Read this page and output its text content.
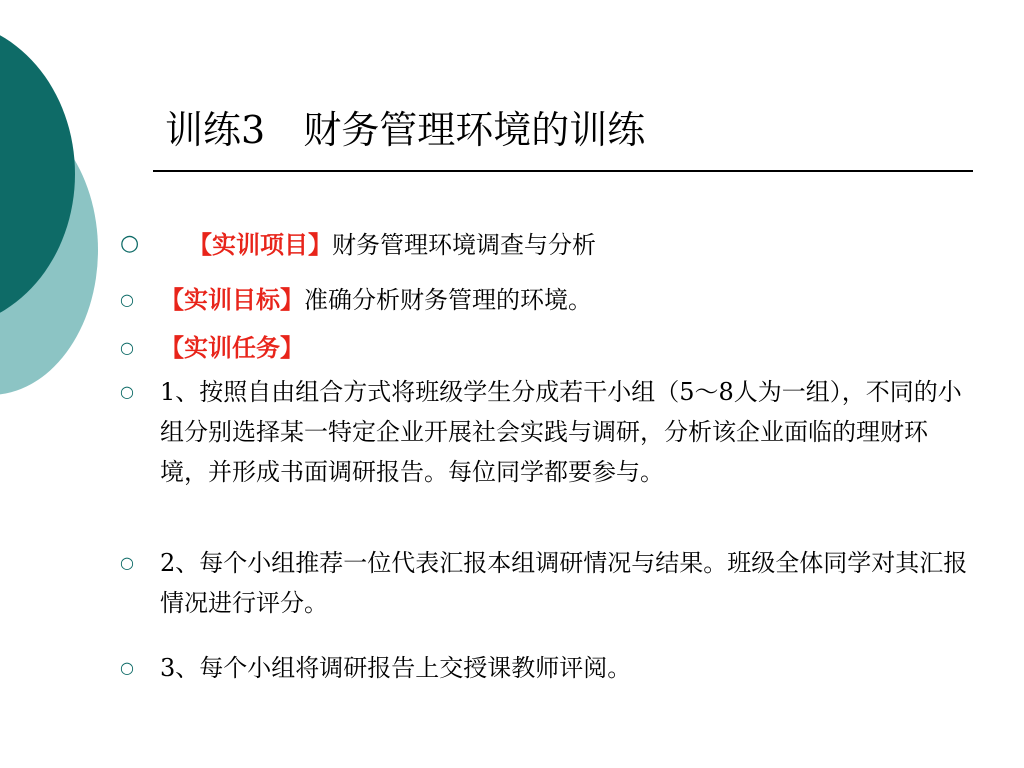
训练3 财务管理环境的训练
○ 【实训项目】财务管理环境调查与分析
○ 【实训目标】准确分析财务管理的环境。
○ 【实训任务】
○ 1、按照自由组合方式将班级学生分成若干小组（5～8人为一组），不同的小组分别选择某一特定企业开展社会实践与调研，分析该企业面临的理财环境，并形成书面调研报告。每位同学都要参与。
○ 2、每个小组推荐一位代表汇报本组调研情况与结果。班级全体同学对其汇报情况进行评分。
○ 3、每个小组将调研报告上交授课教师评阅。
